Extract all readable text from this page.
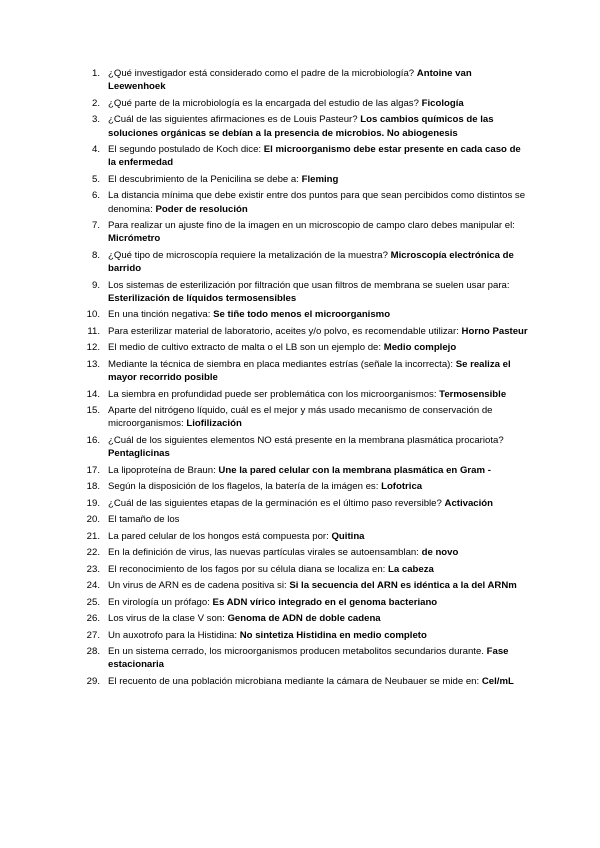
1. ¿Qué investigador está considerado como el padre de la microbiología? Antoine van Leewenhoek
2. ¿Qué parte de la microbiología es la encargada del estudio de las algas? Ficología
3. ¿Cuál de las siguientes afirmaciones es de Louis Pasteur? Los cambios químicos de las soluciones orgánicas se debían a la presencia de microbios. No abiogenesis
4. El segundo postulado de Koch dice: El microorganismo debe estar presente en cada caso de la enfermedad
5. El descubrimiento de la Penicilina se debe a: Fleming
6. La distancia mínima que debe existir entre dos puntos para que sean percibidos como distintos se denomina: Poder de resolución
7. Para realizar un ajuste fino de la imagen en un microscopio de campo claro debes manipular el: Micrómetro
8. ¿Qué tipo de microscopía requiere la metalización de la muestra? Microscopía electrónica de barrido
9. Los sistemas de esterilización por filtración que usan filtros de membrana se suelen usar para: Esterilización de líquidos termosensibles
10. En una tinción negativa: Se tiñe todo menos el microorganismo
11. Para esterilizar material de laboratorio, aceites y/o polvo, es recomendable utilizar: Horno Pasteur
12. El medio de cultivo extracto de malta o el LB son un ejemplo de: Medio complejo
13. Mediante la técnica de siembra en placa mediantes estrías (señale la incorrecta): Se realiza el mayor recorrido posible
14. La siembra en profundidad puede ser problemática con los microorganismos: Termosensible
15. Aparte del nitrógeno líquido, cuál es el mejor y más usado mecanismo de conservación de microorganismos: Liofilización
16. ¿Cuál de los siguientes elementos NO está presente en la membrana plasmática procariota? Pentaglicinas
17. La lipoproteína de Braun: Une la pared celular con la membrana plasmática en Gram -
18. Según la disposición de los flagelos, la batería de la imágen es: Lofotrica
19. ¿Cuál de las siguientes etapas de la germinación es el último paso reversible? Activación
20. El tamaño de los
21. La pared celular de los hongos está compuesta por: Quitina
22. En la definición de virus, las nuevas partículas virales se autoensamblan: de novo
23. El reconocimiento de los fagos por su célula diana se localiza en: La cabeza
24. Un virus de ARN es de cadena positiva si: Si la secuencia del ARN es idéntica a la del ARNm
25. En virología un prófago: Es ADN vírico integrado en el genoma bacteriano
26. Los virus de la clase V son: Genoma de ADN de doble cadena
27. Un auxotrofo para la Histidina: No sintetiza Histidina en medio completo
28. En un sistema cerrado, los microorganismos producen metabolitos secundarios durante. Fase estacionaria
29. El recuento de una población microbiana mediante la cámara de Neubauer se mide en: Cel/mL
